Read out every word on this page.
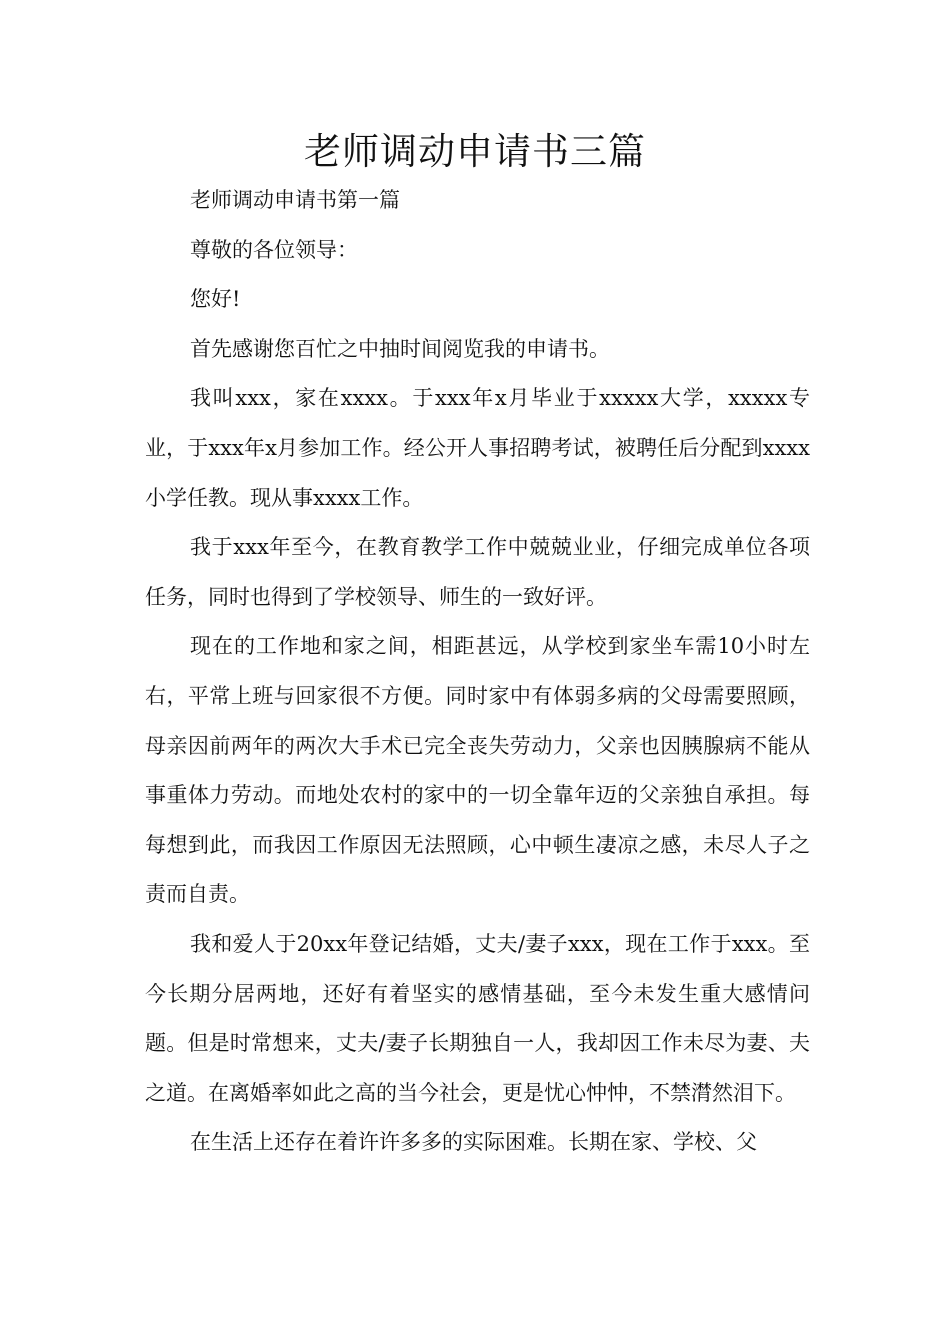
老师调动申请书三篇

老师调动申请书第一篇

尊敬的各位领导：

您好!

首先感谢您百忙之中抽时间阅览我的申请书。

我叫xxx，家在xxxx。于xxx年x月毕业于xxxxx大学，xxxxx专业，于xxx年x月参加工作。经公开人事招聘考试，被聘任后分配到xxxx小学任教。现从事xxxx工作。

我于xxx年至今，在教育教学工作中兢兢业业，仔细完成单位各项任务，同时也得到了学校领导、师生的一致好评。

现在的工作地和家之间，相距甚远，从学校到家坐车需10小时左右，平常上班与回家很不方便。同时家中有体弱多病的父母需要照顾，母亲因前两年的两次大手术已完全丧失劳动力，父亲也因胰腺病不能从事重体力劳动。而地处农村的家中的一切全靠年迈的父亲独自承担。每每想到此，而我因工作原因无法照顾，心中顿生凄凉之感，未尽人子之责而自责。

我和爱人于20xx年登记结婚，丈夫/妻子xxx，现在工作于xxx。至今长期分居两地，还好有着坚实的感情基础，至今未发生重大感情问题。但是时常想来，丈夫/妻子长期独自一人，我却因工作未尽为妻、夫之道。在离婚率如此之高的当今社会，更是忧心忡忡，不禁潸然泪下。

在生活上还存在着许许多多的实际困难。长期在家、学校、父
